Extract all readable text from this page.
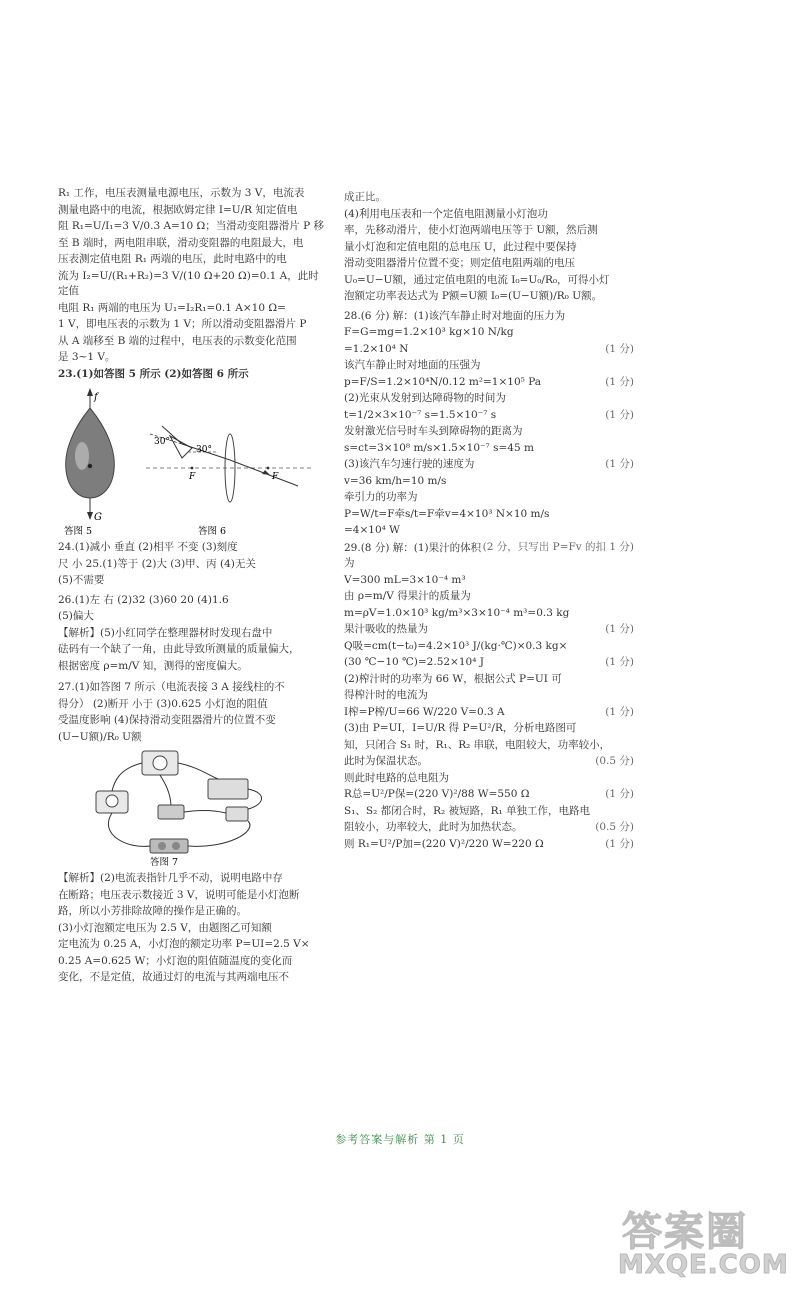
R₁ 工作，电压表测量电源电压，示数为 3 V，电流表
测量电路中的电流，根据欧姆定律 I=U/R 知定值电
阻 R₁=U/I₁=3 V/0.3 A=10 Ω；当滑动变阻器滑片 P 移
至 B 端时，两电阻串联，滑动变阻器的电阻最大，电
压表测定值电阻 R₁ 两端的电压，此时电路中的电
流为 I₂=U/(R₁+R₂)=3 V/(10 Ω+20 Ω)=0.1 A，此时定值
电阻 R₁ 两端的电压为 U₁=I₂R₁=0.1 A×10 Ω=
1 V，即电压表的示数为 1 V；所以滑动变阻器滑片 P
从 A 端移至 B 端的过程中，电压表的示数变化范围
是 3~1 V。
23.(1)如答图 5 所示 (2)如答图 6 所示
f
G
答图 5
30°
30°
F	F
答图 6
24.(1)减小 垂直 (2)相平 不变 (3)刻度
尺 小 25.(1)等于 (2)大 (3)甲、丙 (4)无关
(5)不需要
26.(1)左 右 (2)32 (3)60 20 (4)1.6
(5)偏大
【解析】(5)小红同学在整理器材时发现右盘中
砝码有一个缺了一角，由此导致所测量的质量偏大，
根据密度 ρ=m/V 知，测得的密度偏大。
27.(1)如答图 7 所示（电流表接 3 A 接线柱的不
得分） (2)断开 小于 (3)0.625 小灯泡的阻值
受温度影响 (4)保持滑动变阻器滑片的位置不变
(U−U额)/R₀ U额
答图 7
【解析】(2)电流表指针几乎不动，说明电路中存
在断路；电压表示数接近 3 V，说明可能是小灯泡断
路，所以小芳排除故障的操作是正确的。
(3)小灯泡额定电压为 2.5 V，由题图乙可知额
定电流为 0.25 A，小灯泡的额定功率 P=UI=2.5 V×
0.25 A=0.625 W；小灯泡的阻值随温度的变化而
变化，不是定值，故通过灯的电流与其两端电压不
成正比。
(4)利用电压表和一个定值电阻测量小灯泡功
率，先移动滑片，使小灯泡两端电压等于 U额，然后测
量小灯泡和定值电阻的总电压 U，此过程中要保持
滑动变阻器滑片位置不变；则定值电阻两端的电压
U₀=U−U额，通过定值电阻的电流 I₀=U₀/R₀，可得小灯
泡额定功率表达式为 P额=U额 I₀=(U−U额)/R₀ U额。
28.(6 分) 解：(1)该汽车静止时对地面的压力为
F=G=mg=1.2×10³ kg×10 N/kg
=1.2×10⁴ N	(1 分)
该汽车静止时对地面的压强为
p=F/S=1.2×10⁴N/0.12 m²=1×10⁵ Pa	(1 分)
(2)光束从发射到达障碍物的时间为
t=1/2×3×10⁻⁷ s=1.5×10⁻⁷ s	(1 分)
发射激光信号时车头到障碍物的距离为
s=ct=3×10⁸ m/s×1.5×10⁻⁷ s=45 m
(1 分)
(3)该汽车匀速行驶的速度为
v=36 km/h=10 m/s
牵引力的功率为
P=W/t=F牵s/t=F牵v=4×10³ N×10 m/s
=4×10⁴ W
(2 分，只写出 P=Fv 的扣 1 分)
29.(8 分) 解：(1)果汁的体积为
V=300 mL=3×10⁻⁴ m³
由 ρ=m/V 得果汁的质量为
m=ρV=1.0×10³ kg/m³×3×10⁻⁴ m³=0.3 kg
(1 分)
果汁吸收的热量为
Q吸=cm(t−t₀)=4.2×10³ J/(kg·℃)×0.3 kg×
(30 ℃−10 ℃)=2.52×10⁴ J	(1 分)
(2)榨汁时的功率为 66 W，根据公式 P=UI 可
得榨汁时的电流为
I榨=P榨/U=66 W/220 V=0.3 A	(1 分)
(3)由 P=UI，I=U/R 得 P=U²/R，分析电路图可
知，只闭合 S₁ 时，R₁、R₂ 串联，电阻较大，功率较小，
此时为保温状态。	(0.5 分)
则此时电路的总电阻为
R总=U²/P保=(220 V)²/88 W=550 Ω	(1 分)
S₁、S₂ 都闭合时，R₂ 被短路，R₁ 单独工作，电路电
阻较小，功率较大，此时为加热状态。	(0.5 分)
则 R₁=U²/P加=(220 V)²/220 W=220 Ω	(1 分)
参考答案与解析 第 1 页
答案圈
MXQE.COM
